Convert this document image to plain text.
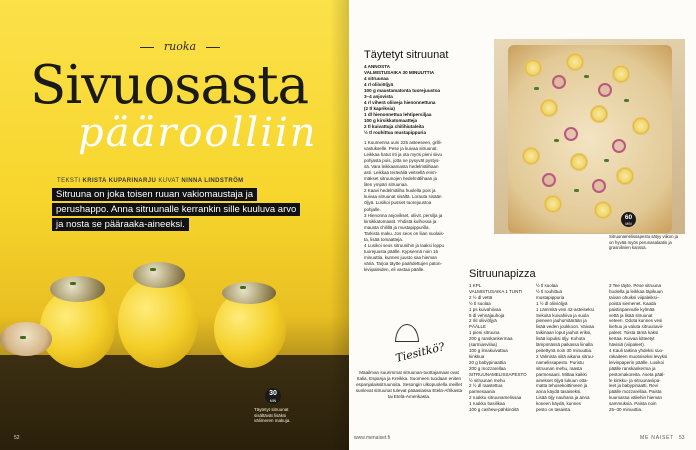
ruoka
Sivuosasta
pääroolliin
TEKSTI KRISTA KUPARINARJU KUVAT NINNA LINDSTRÖM
Sitruuna on joka toisen ruuan vakiomaustaja ja perushappo. Anna sitruunalle kerrankin sille kuuluva arvo ja nosta se pääraaka-aineeksi.
30
MIN
Täytetyt sitruunat sisältävät lisäksi välimeren makuja.
52
Täytetyt sitruunat
4 ANNOSTA
VALMISTUSAIKA 30 MINUUTTIA
4 sitruunaa
4 rl oliiviöljyä
100 g maustamatonta tuorejuustoa
3–4 anjovista
4 rl viherä oliiveja hienonnettuna
(2 tl kapriksia)
1 dl hienonnettua lehtipersiljaa
100 g kirsikkatomaatteja
2 tl kuivattuja chilihiutaleita
½ tl rouhittua mustapippuria
1 Kuumenna uuni 225 asteeseen, grilli-
vastukselle. Pese ja kuivaa sitruunat.
Leikkaa hatut irti ja ota myös pieni siivu
pohjasta pois, jotta ne pysyvät pystys-
sä. Vara leikkaamasta hedelmälihaan
asti. Leikkaa teräväliä veitsellä enim-
mäkset sitruunojen hedelmälihaan ja
liten ympäri sitruunaa.
2 Kaavi hedelmäliha huolella pois ja
kuivaa sitruunat sisältä. Lorauta sisään
öljyä. Lusikoi pussiet tuorejuustoa
pohjalle.
3 Hienonna anjovikset, oliivit, persilja ja
kirsikkatomaatit. Yhdistä kulhossa ja
mausta chilillä ja mustapippurilla.
Tarkista maku. Jos seos on liian suolais-
ta, lisää tomaatteja.
4 Lusikoi seos sitruunihin ja laaksi loppu
tuorejuusta päälle. Kypsennä noin 15
minuuttia, kunnes juusto saa hieman
väriä. Tarjoa täytte paahdettujen paton-
kiviipaleiden, eli vastaa päälle.
60
MIN
Sitruunamelissapesto sätyy viikon ja on hyvää myös perunasalaatin ja grasnilinien kanssa.
Sitruunapizza
1 KPL
VALMISTUSAIKA 1 TUNTI
2 ½ dl vettä
½ tl suolaa
1 ps kuivahiivaa
5 dl vehnäjauhoja
2 rkl oliiviöljyä
PÄÄLLE
1 pieni sitruuna
200 g ranskankermaa
(sarmiasvilaa)
100 g ilmakuivattua
kinkkua
20 g babypinaattia
200 g mozzarellaa
SITRUUNAMELISSAPESTO
½ sitruunan mehu
2 ½ dl raastettua
parmesaania
2 ruukku sitruunamelissaa
1 ruukku basilikaa
100 g cashew-pähkinöitä
½ tl suolaa
½ tl rouhittua
mustapippuria
1 ½ dl oliiviöljyä
1 Lämmitä vesi 42-asteiseksi.
Sekoita kuivahiiva ja suola
pieneen jauhomäärään ja
lisää veden joukkoon. Vaivaa
taikinaan loput jauhot eriksi,
lisää lopuksi öljy. Kohota
lämpimässä paikassa liinalla
peitettynä noin 30 minuuttia.
2 Valmista siitä aikana sitruu-
namelissapesto. Puristu
sitruunan mehu, raasta
parmesaani. Mittaa kaikki
ainekset öljyä lukuun otta-
matta tehosekoittimeen ja
anna käydä tasaiseksi.
Lisää öljy nauhana ja anna
koneen käydä, kunnes
pesto on tasaista.
3 Tee täyte. Pese sitruuna
huolella ja leikkaa täpikuun
taivan ohuiksi viipaleiksi–
poista siemenet. Kaada
paistinpannulle kylmää
vettä ja lisää sitruunat
veteen. Odota kunnes vesi
kiehuu ja valuta sitruunavii-
paleet. Toista tämä kaksi
kertaa. Kuivaa kitteetyt
hävisiä (viipaleet).
4 Kauli taikina yhdeksi suo-
rakaiteen muotoiseksi levyksi
leivinpaperin päälle. Lusikoi
päälle ranskankerma ja
pestomakoreita. Aseta pääl-
le kinkku- ja sitruunaviipa-
leet ja babypinaatti. Revi
päälle mozzarellaa. Paista
kuumassa väliehin hieman
sammuksia. Paista noin
25–30 minuuttia.
Tiesitkö?
Maailman suurimmat sitruunan-tuottajamaat ovat Italia, Espanja ja Kreikka. Suomeen tuodaan eniten espanjalaissitruunoita. Sesongin ulkopuolella meillet sunlevat sitruunat tulevat pääasiassa Etelä-Afrikasta tai Etelä-Amerikasta.
www.menaiset.fi	ME NAISET 53
